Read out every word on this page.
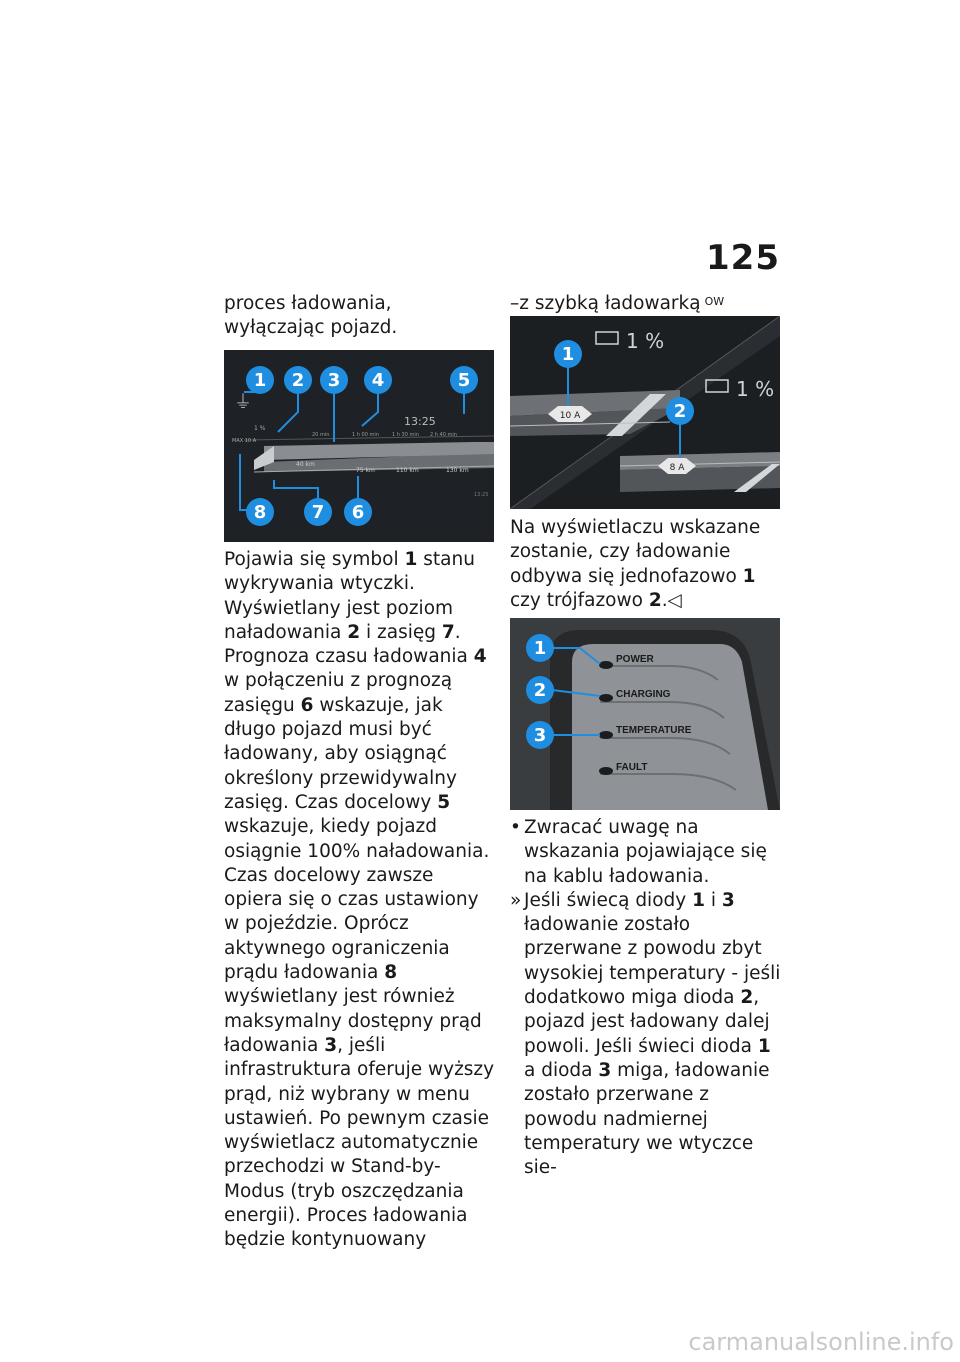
125

proces ładowania, wyłączając pojazd.

⏚
13:25
40 km
75 km	110 km	130 km
20 min	1 h 00 min	1 h 30 min 2 h 40 min
MAX 10 A
1 %
13:25
1 2 3 4	5
6
7
8

Pojawia się symbol 1 stanu wykrywania wtyczki. Wyświetlany jest poziom naładowania 2 i zasięg 7. Prognoza czasu ładowania 4 w połączeniu z prognozą zasięgu 6 wskazuje, jak długo pojazd musi być ładowany, aby osiągnąć określony przewidywalny zasięg. Czas docelowy 5 wskazuje, kiedy pojazd osiągnie 100% naładowania. Czas docelowy zawsze opiera się o czas ustawiony w pojeździe. Oprócz aktywnego ograniczenia prądu ładowania 8 wyświetlany jest również maksymalny dostępny prąd ładowania 3, jeśli infrastruktura oferuje wyższy prąd, niż wybrany w menu ustawień. Po pewnym czasie wyświetlacz automatycznie przechodzi w Stand-by-Modus (tryb oszczędzania energii). Proces ładowania będzie kontynuowany

–z szybką ładowarką $^{OW}$

1 %
1 %
10 A
8 A
1
2

Na wyświetlaczu wskazane zostanie, czy ładowanie odbywa się jednofazowo 1 czy trójfazowo 2.◁

POWER
CHARGING
TEMPERATURE
FAULT
1
2
3
• Zwracać uwagę na wskazania pojawiające się na kablu ładowania.
» Jeśli świecą diody 1 i 3 ładowanie zostało przerwane z powodu zbyt wysokiej temperatury - jeśli dodatkowo miga dioda 2, pojazd jest ładowany dalej powoli. Jeśli świeci dioda 1 a dioda 3 miga, ładowanie zostało przerwane z powodu nadmiernej temperatury we wtyczce sie-
carmanualsonline.info
